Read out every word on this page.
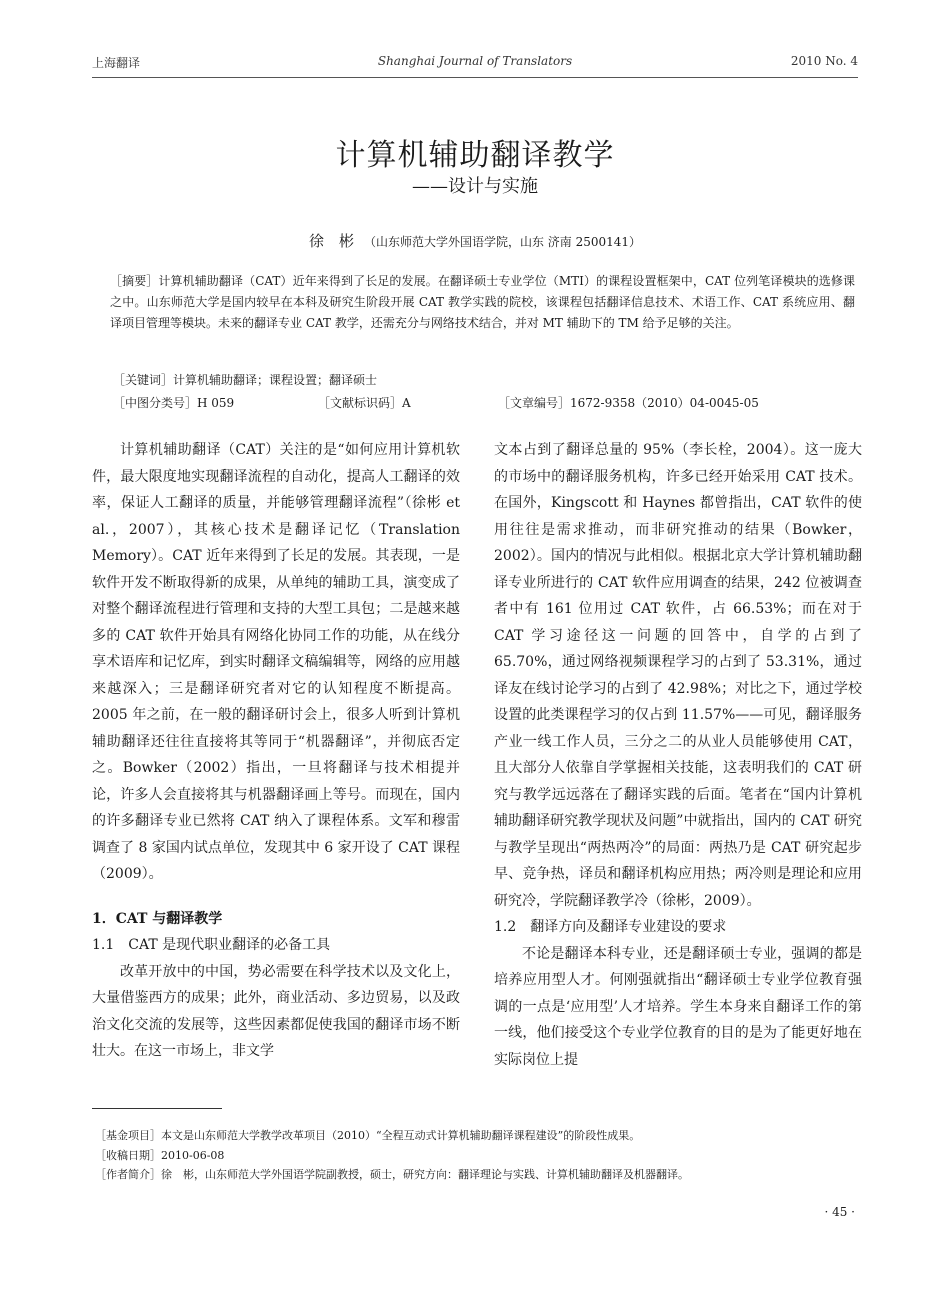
上海翻译	Shanghai Journal of Translators	2010 No. 4
计算机辅助翻译教学
——设计与实施
徐　彬 （山东师范大学外国语学院，山东 济南 2500141）
［摘要］计算机辅助翻译（CAT）近年来得到了长足的发展。在翻译硕士专业学位（MTI）的课程设置框架中，CAT 位列笔译模块的选修课之中。山东师范大学是国内较早在本科及研究生阶段开展 CAT 教学实践的院校，该课程包括翻译信息技术、术语工作、CAT 系统应用、翻译项目管理等模块。未来的翻译专业 CAT 教学，还需充分与网络技术结合，并对 MT 辅助下的 TM 给予足够的关注。
［关键词］计算机辅助翻译；课程设置；翻译硕士
［中图分类号］H 059	［文献标识码］A	［文章编号］1672-9358（2010）04-0045-05

计算机辅助翻译（CAT）关注的是“如何应用计算机软件，最大限度地实现翻译流程的自动化，提高人工翻译的效率，保证人工翻译的质量，并能够管理翻译流程”（徐彬 et al.，2007），其核心技术是翻译记忆（Translation Memory）。CAT 近年来得到了长足的发展。其表现，一是软件开发不断取得新的成果，从单纯的辅助工具，演变成了对整个翻译流程进行管理和支持的大型工具包；二是越来越多的 CAT 软件开始具有网络化协同工作的功能，从在线分享术语库和记忆库，到实时翻译文稿编辑等，网络的应用越来越深入；三是翻译研究者对它的认知程度不断提高。2005 年之前，在一般的翻译研讨会上，很多人听到计算机辅助翻译还往往直接将其等同于“机器翻译”，并彻底否定之。Bowker（2002）指出，一旦将翻译与技术相提并论，许多人会直接将其与机器翻译画上等号。而现在，国内的许多翻译专业已然将 CAT 纳入了课程体系。文军和穆雷调查了 8 家国内试点单位，发现其中 6 家开设了 CAT 课程（2009）。

1．CAT 与翻译教学
1.1　CAT 是现代职业翻译的必备工具

改革开放中的中国，势必需要在科学技术以及文化上，大量借鉴西方的成果；此外，商业活动、多边贸易，以及政治文化交流的发展等，这些因素都促使我国的翻译市场不断壮大。在这一市场上，非文学

文本占到了翻译总量的 95%（李长栓，2004）。这一庞大的市场中的翻译服务机构，许多已经开始采用 CAT 技术。在国外，Kingscott 和 Haynes 都曾指出，CAT 软件的使用往往是需求推动，而非研究推动的结果（Bowker，2002）。国内的情况与此相似。根据北京大学计算机辅助翻译专业所进行的 CAT 软件应用调查的结果，242 位被调查者中有 161 位用过 CAT 软件，占 66.53%；而在对于 CAT 学习途径这一问题的回答中，自学的占到了 65.70%，通过网络视频课程学习的占到了 53.31%，通过译友在线讨论学习的占到了 42.98%；对比之下，通过学校设置的此类课程学习的仅占到 11.57%——可见，翻译服务产业一线工作人员，三分之二的从业人员能够使用 CAT，且大部分人依靠自学掌握相关技能，这表明我们的 CAT 研究与教学远远落在了翻译实践的后面。笔者在“国内计算机辅助翻译研究教学现状及问题”中就指出，国内的 CAT 研究与教学呈现出“两热两冷”的局面：两热乃是 CAT 研究起步早、竞争热，译员和翻译机构应用热；两冷则是理论和应用研究冷，学院翻译教学冷（徐彬，2009）。

1.2　翻译方向及翻译专业建设的要求

不论是翻译本科专业，还是翻译硕士专业，强调的都是培养应用型人才。何刚强就指出“翻译硕士专业学位教育强调的一点是‘应用型’人才培养。学生本身来自翻译工作的第一线，他们接受这个专业学位教育的目的是为了能更好地在实际岗位上提

［基金项目］本文是山东师范大学教学改革项目（2010）“全程互动式计算机辅助翻译课程建设”的阶段性成果。
［收稿日期］2010-06-08
［作者简介］徐　彬，山东师范大学外国语学院副教授，硕士，研究方向：翻译理论与实践、计算机辅助翻译及机器翻译。
· 45 ·
